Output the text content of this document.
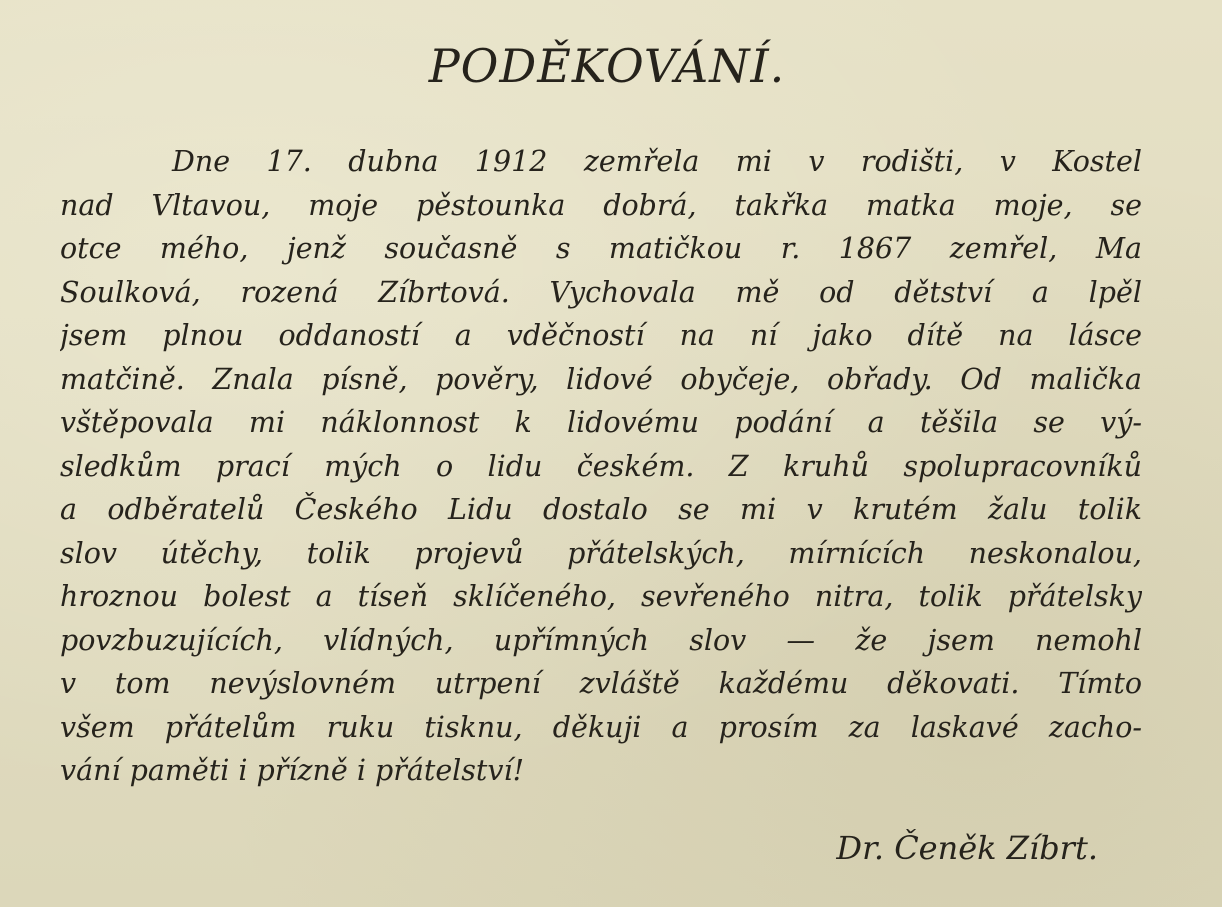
PODĚKOVÁNÍ.
Dne 17. dubna 1912 zemřela mi v rodišti, v Kostel
nad Vltavou, moje pěstounka dobrá, takřka matka moje, se
otce mého, jenž současně s matičkou r. 1867 zemřel, Ma
Soulková, rozená Zíbrtová. Vychovala mě od dětství a lpěl
jsem plnou oddaností a vděčností na ní jako dítě na lásce
matčině. Znala písně, pověry, lidové obyčeje, obřady. Od malička
vštěpovala mi náklonnost k lidovému podání a těšila se vý-
sledkům prací mých o lidu českém. Z kruhů spolupracovníků
a odběratelů Českého Lidu dostalo se mi v krutém žalu tolik
slov útěchy, tolik projevů přátelských, mírnících neskonalou,
hroznou bolest a tíseň sklíčeného, sevřeného nitra, tolik přátelsky
povzbuzujících, vlídných, upřímných slov — že jsem nemohl
v tom nevýslovném utrpení zvláště každému děkovati. Tímto
všem přátelům ruku tisknu, děkuji a prosím za laskavé zacho-
vání paměti i přízně i přátelství!

Dr. Čeněk Zíbrt.
